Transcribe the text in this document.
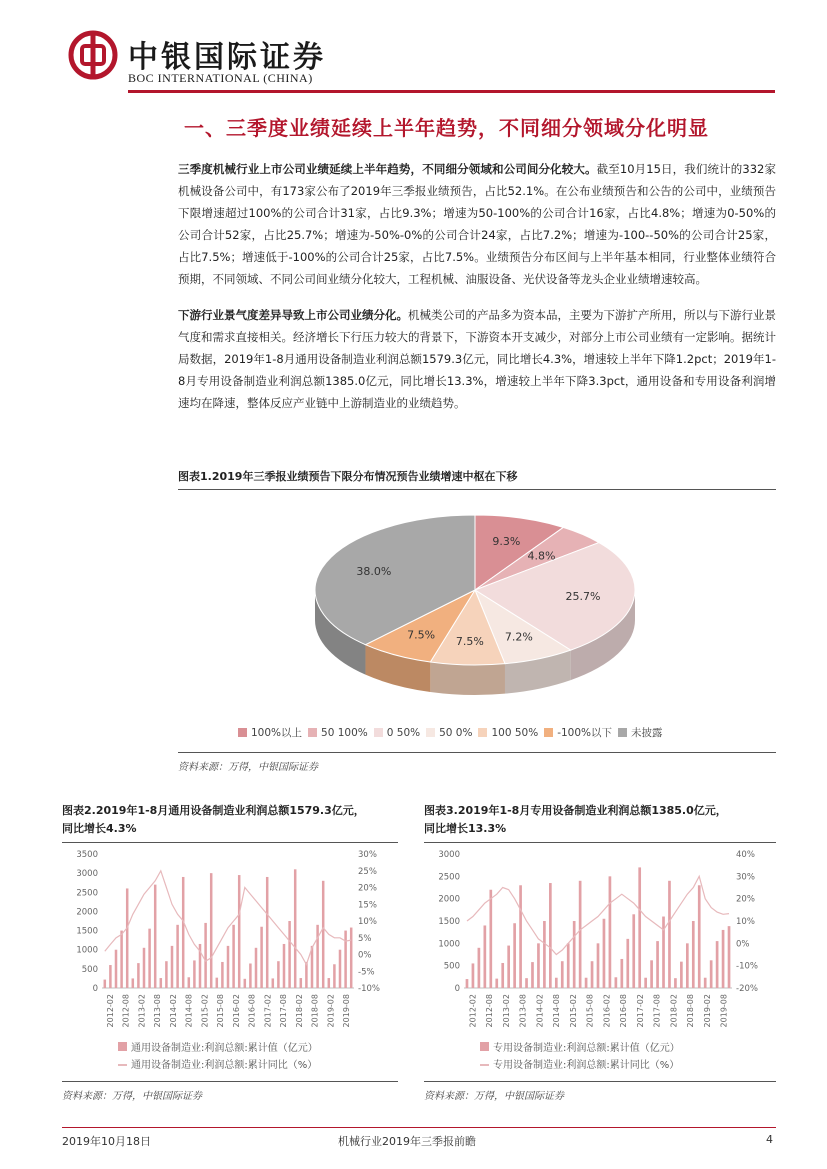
中银国际证券
BOC INTERNATIONAL (CHINA)
一、三季度业绩延续上半年趋势，不同细分领域分化明显
三季度机械行业上市公司业绩延续上半年趋势，不同细分领域和公司间分化较大。截至10月15日，我们统计的332家机械设备公司中，有173家公布了2019年三季报业绩预告，占比52.1%。在公布业绩预告和公告的公司中，业绩预告下限增速超过100%的公司合计31家，占比9.3%；增速为50-100%的公司合计16家，占比4.8%；增速为0-50%的公司合计52家，占比25.7%；增速为-50%-0%的公司合计24家，占比7.2%；增速为-100--50%的公司合计25家，占比7.5%；增速低于-100%的公司合计25家，占比7.5%。业绩预告分布区间与上半年基本相同，行业整体业绩符合预期，不同领域、不同公司间业绩分化较大，工程机械、油服设备、光伏设备等龙头企业业绩增速较高。
下游行业景气度差异导致上市公司业绩分化。机械类公司的产品多为资本品，主要为下游扩产所用，所以与下游行业景气度和需求直接相关。经济增长下行压力较大的背景下，下游资本开支减少，对部分上市公司业绩有一定影响。据统计局数据，2019年1-8月通用设备制造业利润总额1579.3亿元，同比增长4.3%，增速较上半年下降1.2pct；2019年1-8月专用设备制造业利润总额1385.0亿元，同比增长13.3%，增速较上半年下降3.3pct，通用设备和专用设备利润增速均在降速，整体反应产业链中上游制造业的业绩趋势。
图表1.2019年三季报业绩预告下限分布情况预告业绩增速中枢在下移
9.3%
4.8%
25.7%
7.2%
7.5%
7.5%
38.0%
100%以上 50 100% 0 50% 50 0% 100 50% -100%以下 未披露
资料来源：万得，中银国际证券
图表2.2019年1-8月通用设备制造业利润总额1579.3亿元，
同比增长4.3%
0
500
1000
1500
2000
2500
3000
3500
-10%
-5%
0%
5%
10%
15%
20%
25%
30%
2012-02 2012-08 2013-02 2013-08 2014-02 2014-08 2015-02 2015-08 2016-02 2016-08 2017-02 2017-08 2018-02 2018-08 2019-02 2019-08
通用设备制造业:利润总额:累计值（亿元）
通用设备制造业:利润总额:累计同比（%）
资料来源：万得，中银国际证券
图表3.2019年1-8月专用设备制造业利润总额1385.0亿元，
同比增长13.3%
0
500
1000
1500
2000
2500
3000
-20%
-10%
0%
10%
20%
30%
40%
2012-02 2012-08 2013-02 2013-08 2014-02 2014-08 2015-02 2015-08 2016-02 2016-08 2017-02 2017-08 2018-02 2018-08 2019-02 2019-08
专用设备制造业:利润总额:累计值（亿元）
专用设备制造业:利润总额:累计同比（%）
资料来源：万得，中银国际证券
2019年10月18日	机械行业2019年三季报前瞻	4
